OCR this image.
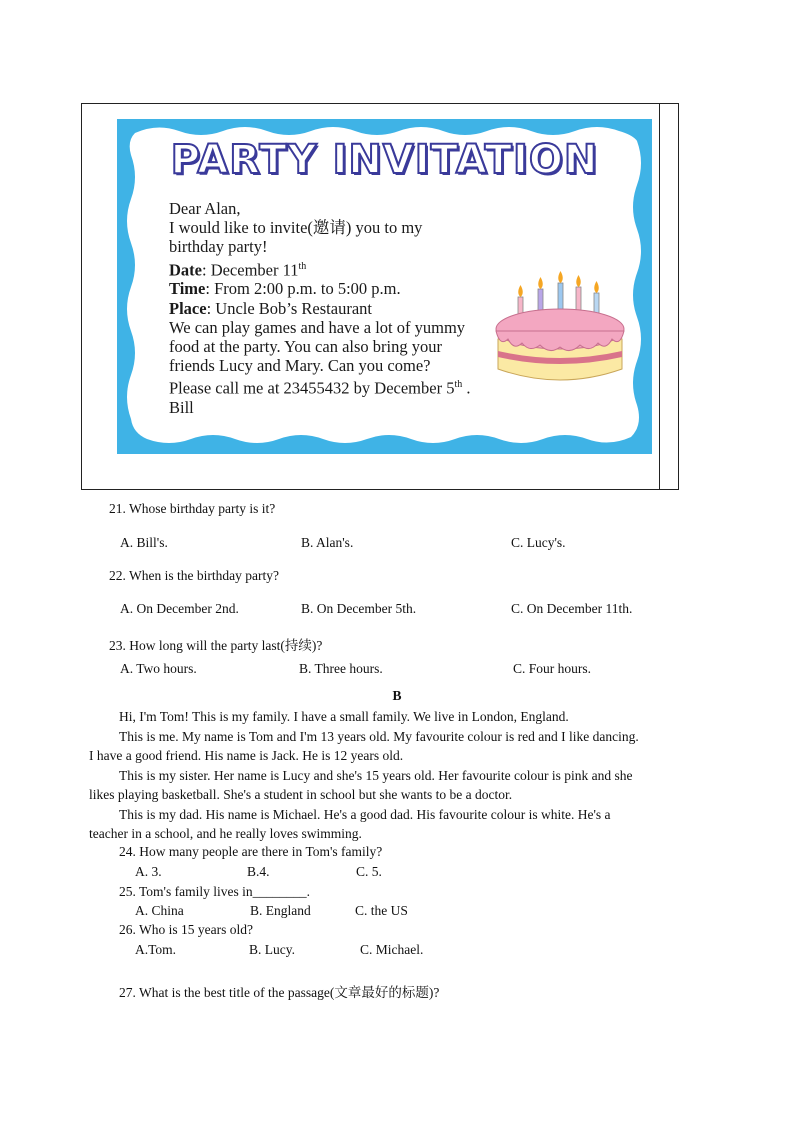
PARTY INVITATION
Dear Alan,
I would like to invite(邀请) you to my
birthday party!
Date: December 11th
Time: From 2:00 p.m. to 5:00 p.m.
Place: Uncle Bob’s Restaurant
We can play games and have a lot of yummy
food at the party. You can also bring your
friends Lucy and Mary. Can you come?
Please call me at 23455432 by December 5th .
Bill
21. Whose birthday party is it?
A. Bill's.	B. Alan's.	C. Lucy's.
22. When is the birthday party?
A. On December 2nd.	B. On December 5th.	C. On December 11th.
23. How long will the party last(持续)?
A. Two hours.	B. Three hours.	C. Four hours.
B
Hi, I'm Tom! This is my family. I have a small family. We live in London, England.
This is me. My name is Tom and I'm 13 years old. My favourite colour is red and I like dancing.
I have a good friend. His name is Jack. He is 12 years old.
This is my sister. Her name is Lucy and she's 15 years old. Her favourite colour is pink and she
likes playing basketball. She's a student in school but she wants to be a doctor.
This is my dad. His name is Michael. He's a good dad. His favourite colour is white. He's a
teacher in a school, and he really loves swimming.
24. How many people are there in Tom's family?
A. 3.	B.4.	C. 5.
25. Tom's family lives in________.
A. China	B. England	C. the US
26. Who is 15 years old?
A.Tom.	B. Lucy.	C. Michael.
27. What is the best title of the passage(文章最好的标题)?
